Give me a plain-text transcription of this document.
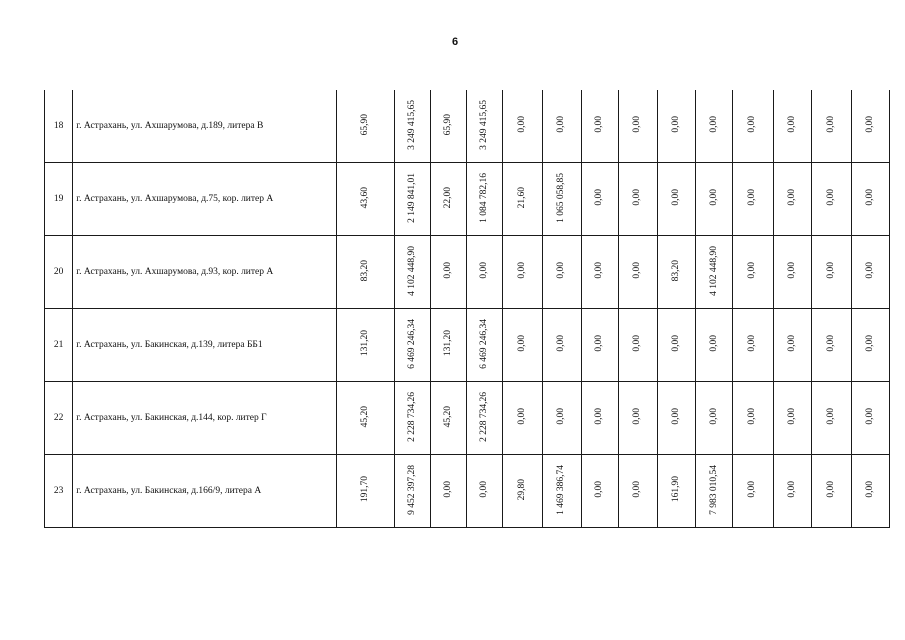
6
18	г. Астрахань, ул. Ахшарумова, д.189, литера В	65,90	3 249 415,65	65,90	3 249 415,65	0,00	0,00	0,00	0,00	0,00	0,00	0,00	0,00	0,00	0,00
19	г. Астрахань, ул. Ахшарумова, д.75, кор. литер А	43,60	2 149 841,01	22,00	1 084 782,16	21,60	1 065 058,85	0,00	0,00	0,00	0,00	0,00	0,00	0,00	0,00
20	г. Астрахань, ул. Ахшарумова, д.93, кор. литер А	83,20	4 102 448,90	0,00	0,00	0,00	0,00	0,00	0,00	83,20	4 102 448,90	0,00	0,00	0,00	0,00
21	г. Астрахань, ул. Бакинская, д.139, литера ББ1	131,20	6 469 246,34	131,20	6 469 246,34	0,00	0,00	0,00	0,00	0,00	0,00	0,00	0,00	0,00	0,00
22	г. Астрахань, ул. Бакинская, д.144, кор. литер Г	45,20	2 228 734,26	45,20	2 228 734,26	0,00	0,00	0,00	0,00	0,00	0,00	0,00	0,00	0,00	0,00
23	г. Астрахань, ул. Бакинская, д.166/9, литера А	191,70	9 452 397,28	0,00	0,00	29,80	1 469 386,74	0,00	0,00	161,90	7 983 010,54	0,00	0,00	0,00	0,00
